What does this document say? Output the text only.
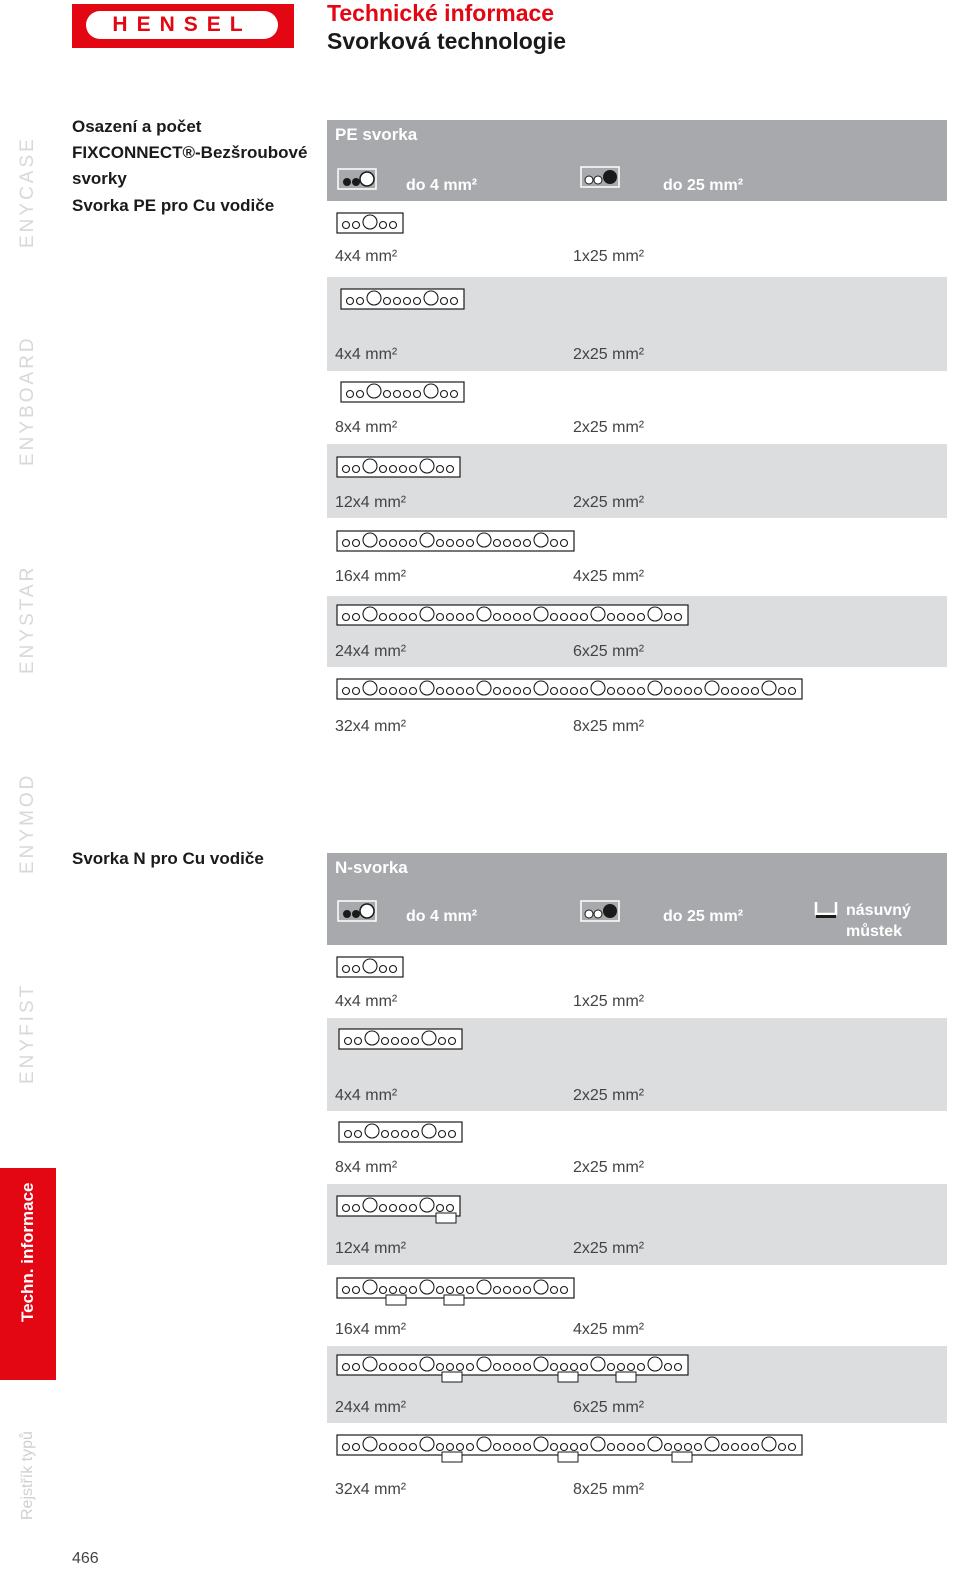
HENSEL	Technické informace
Svorková technologie
ENYCASE
ENYBOARD
ENYSTAR
ENYMOD
ENYFIST
Techn. informace
Rejstřík typů
Osazení a počet
FIXCONNECT®-Bezšroubové
svorky
Svorka PE pro Cu vodiče
PE svorka
do 4 mm²	do 25 mm²
4x4 mm²	1x25 mm²
4x4 mm²	2x25 mm²
8x4 mm²	2x25 mm²
12x4 mm²	2x25 mm²
16x4 mm²	4x25 mm²
24x4 mm²	6x25 mm²
32x4 mm²	8x25 mm²
Svorka N pro Cu vodiče	N-svorka
do 4 mm²	do 25 mm²	násuvný
můstek
4x4 mm²	1x25 mm²
4x4 mm²	2x25 mm²
8x4 mm²	2x25 mm²
12x4 mm²	2x25 mm²
16x4 mm²	4x25 mm²
24x4 mm²	6x25 mm²
32x4 mm²	8x25 mm²
466
